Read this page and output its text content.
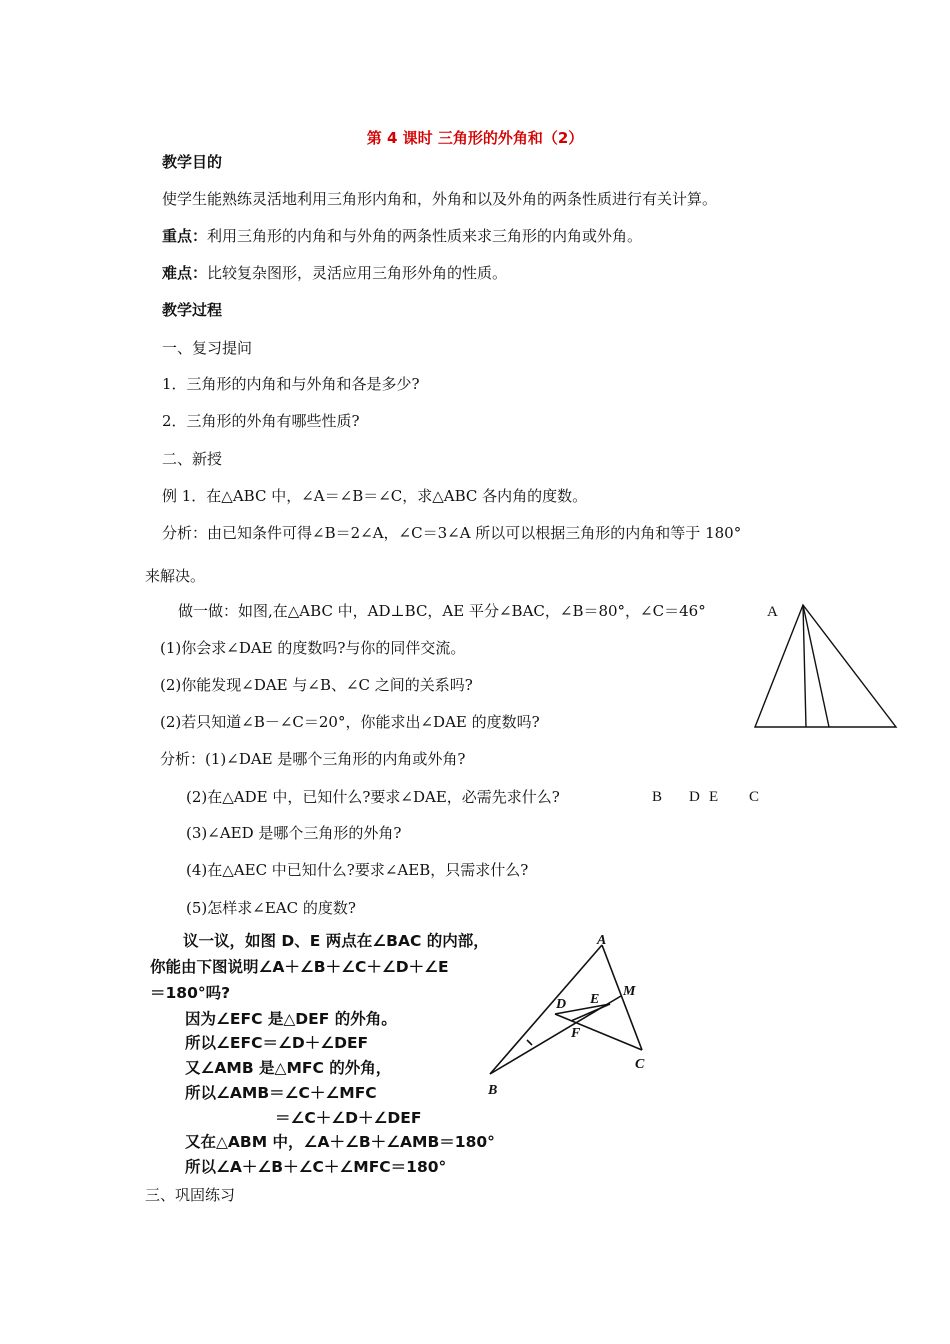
第 4 课时 三角形的外角和（2）
教学目的
使学生能熟练灵活地利用三角形内角和，外角和以及外角的两条性质进行有关计算。
重点：利用三角形的内角和与外角的两条性质来求三角形的内角或外角。
难点：比较复杂图形，灵活应用三角形外角的性质。
教学过程
一、复习提问
1．三角形的内角和与外角和各是多少?
2．三角形的外角有哪些性质?
二、新授
例 1．在△ABC 中，∠A＝∠B＝∠C，求△ABC 各内角的度数。
分析：由已知条件可得∠B＝2∠A，∠C＝3∠A 所以可以根据三角形的内角和等于 180°
来解决。
做一做：如图,在△ABC 中，AD⊥BC，AE 平分∠BAC，∠B＝80°，∠C＝46°
(1)你会求∠DAE 的度数吗?与你的同伴交流。
(2)你能发现∠DAE 与∠B、∠C 之间的关系吗?
(2)若只知道∠B－∠C＝20°，你能求出∠DAE 的度数吗?
分析：(1)∠DAE 是哪个三角形的内角或外角?
(2)在△ADE 中，已知什么?要求∠DAE，必需先求什么?
(3)∠AED 是哪个三角形的外角?
(4)在△AEC 中已知什么?要求∠AEB，只需求什么?
(5)怎样求∠EAC 的度数?
A
B D E C
议一议，如图 D、E 两点在∠BAC 的内部，
你能由下图说明∠A＋∠B＋∠C＋∠D＋∠E
＝180°吗?
因为∠EFC 是△DEF 的外角。
所以∠EFC＝∠D＋∠DEF
又∠AMB 是△MFC 的外角，
所以∠AMB＝∠C＋∠MFC
＝∠C＋∠D＋∠DEF
又在△ABM 中，∠A＋∠B＋∠AMB＝180°
所以∠A＋∠B＋∠C＋∠MFC＝180°
A
M
E
D
F
C
B
三、巩固练习
